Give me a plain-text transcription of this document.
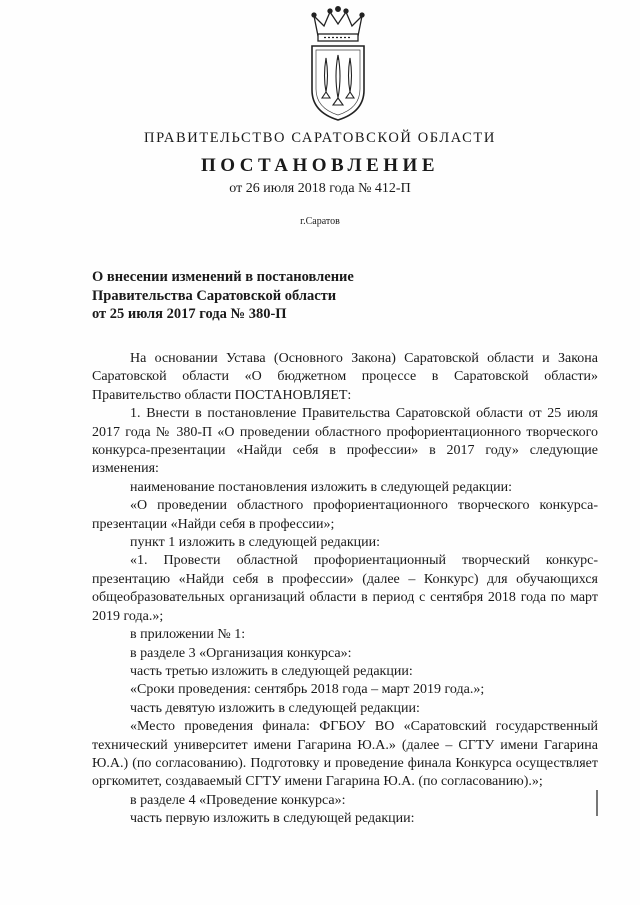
ПРАВИТЕЛЬСТВО САРАТОВСКОЙ ОБЛАСТИ
ПОСТАНОВЛЕНИЕ
от 26 июля 2018 года № 412-П
г.Саратов
О внесении изменений в постановление
Правительства Саратовской области
от 25 июля 2017 года № 380-П

На основании Устава (Основного Закона) Саратовской области и Закона Саратовской области «О бюджетном процессе в Саратовской области» Правительство области ПОСТАНОВЛЯЕТ:

1. Внести в постановление Правительства Саратовской области от 25 июля 2017 года № 380-П «О проведении областного профориентационного творческого конкурса-презентации «Найди себя в профессии» в 2017 году» следующие изменения:

наименование постановления изложить в следующей редакции:

«О проведении областного профориентационного творческого конкурса-презентации «Найди себя в профессии»;

пункт 1 изложить в следующей редакции:

«1. Провести областной профориентационный творческий конкурс-презентацию «Найди себя в профессии» (далее – Конкурс) для обучающихся общеобразовательных организаций области в период с сентября 2018 года по март 2019 года.»;

в приложении № 1:

в разделе 3 «Организация конкурса»:

часть третью изложить в следующей редакции:

«Сроки проведения: сентябрь 2018 года – март 2019 года.»;

часть девятую изложить в следующей редакции:

«Место проведения финала: ФГБОУ ВО «Саратовский государственный технический университет имени Гагарина Ю.А.» (далее – СГТУ имени Гагарина Ю.А.) (по согласованию). Подготовку и проведение финала Конкурса осуществляет оргкомитет, создаваемый СГТУ имени Гагарина Ю.А. (по согласованию).»;

в разделе 4 «Проведение конкурса»:

часть первую изложить в следующей редакции:
